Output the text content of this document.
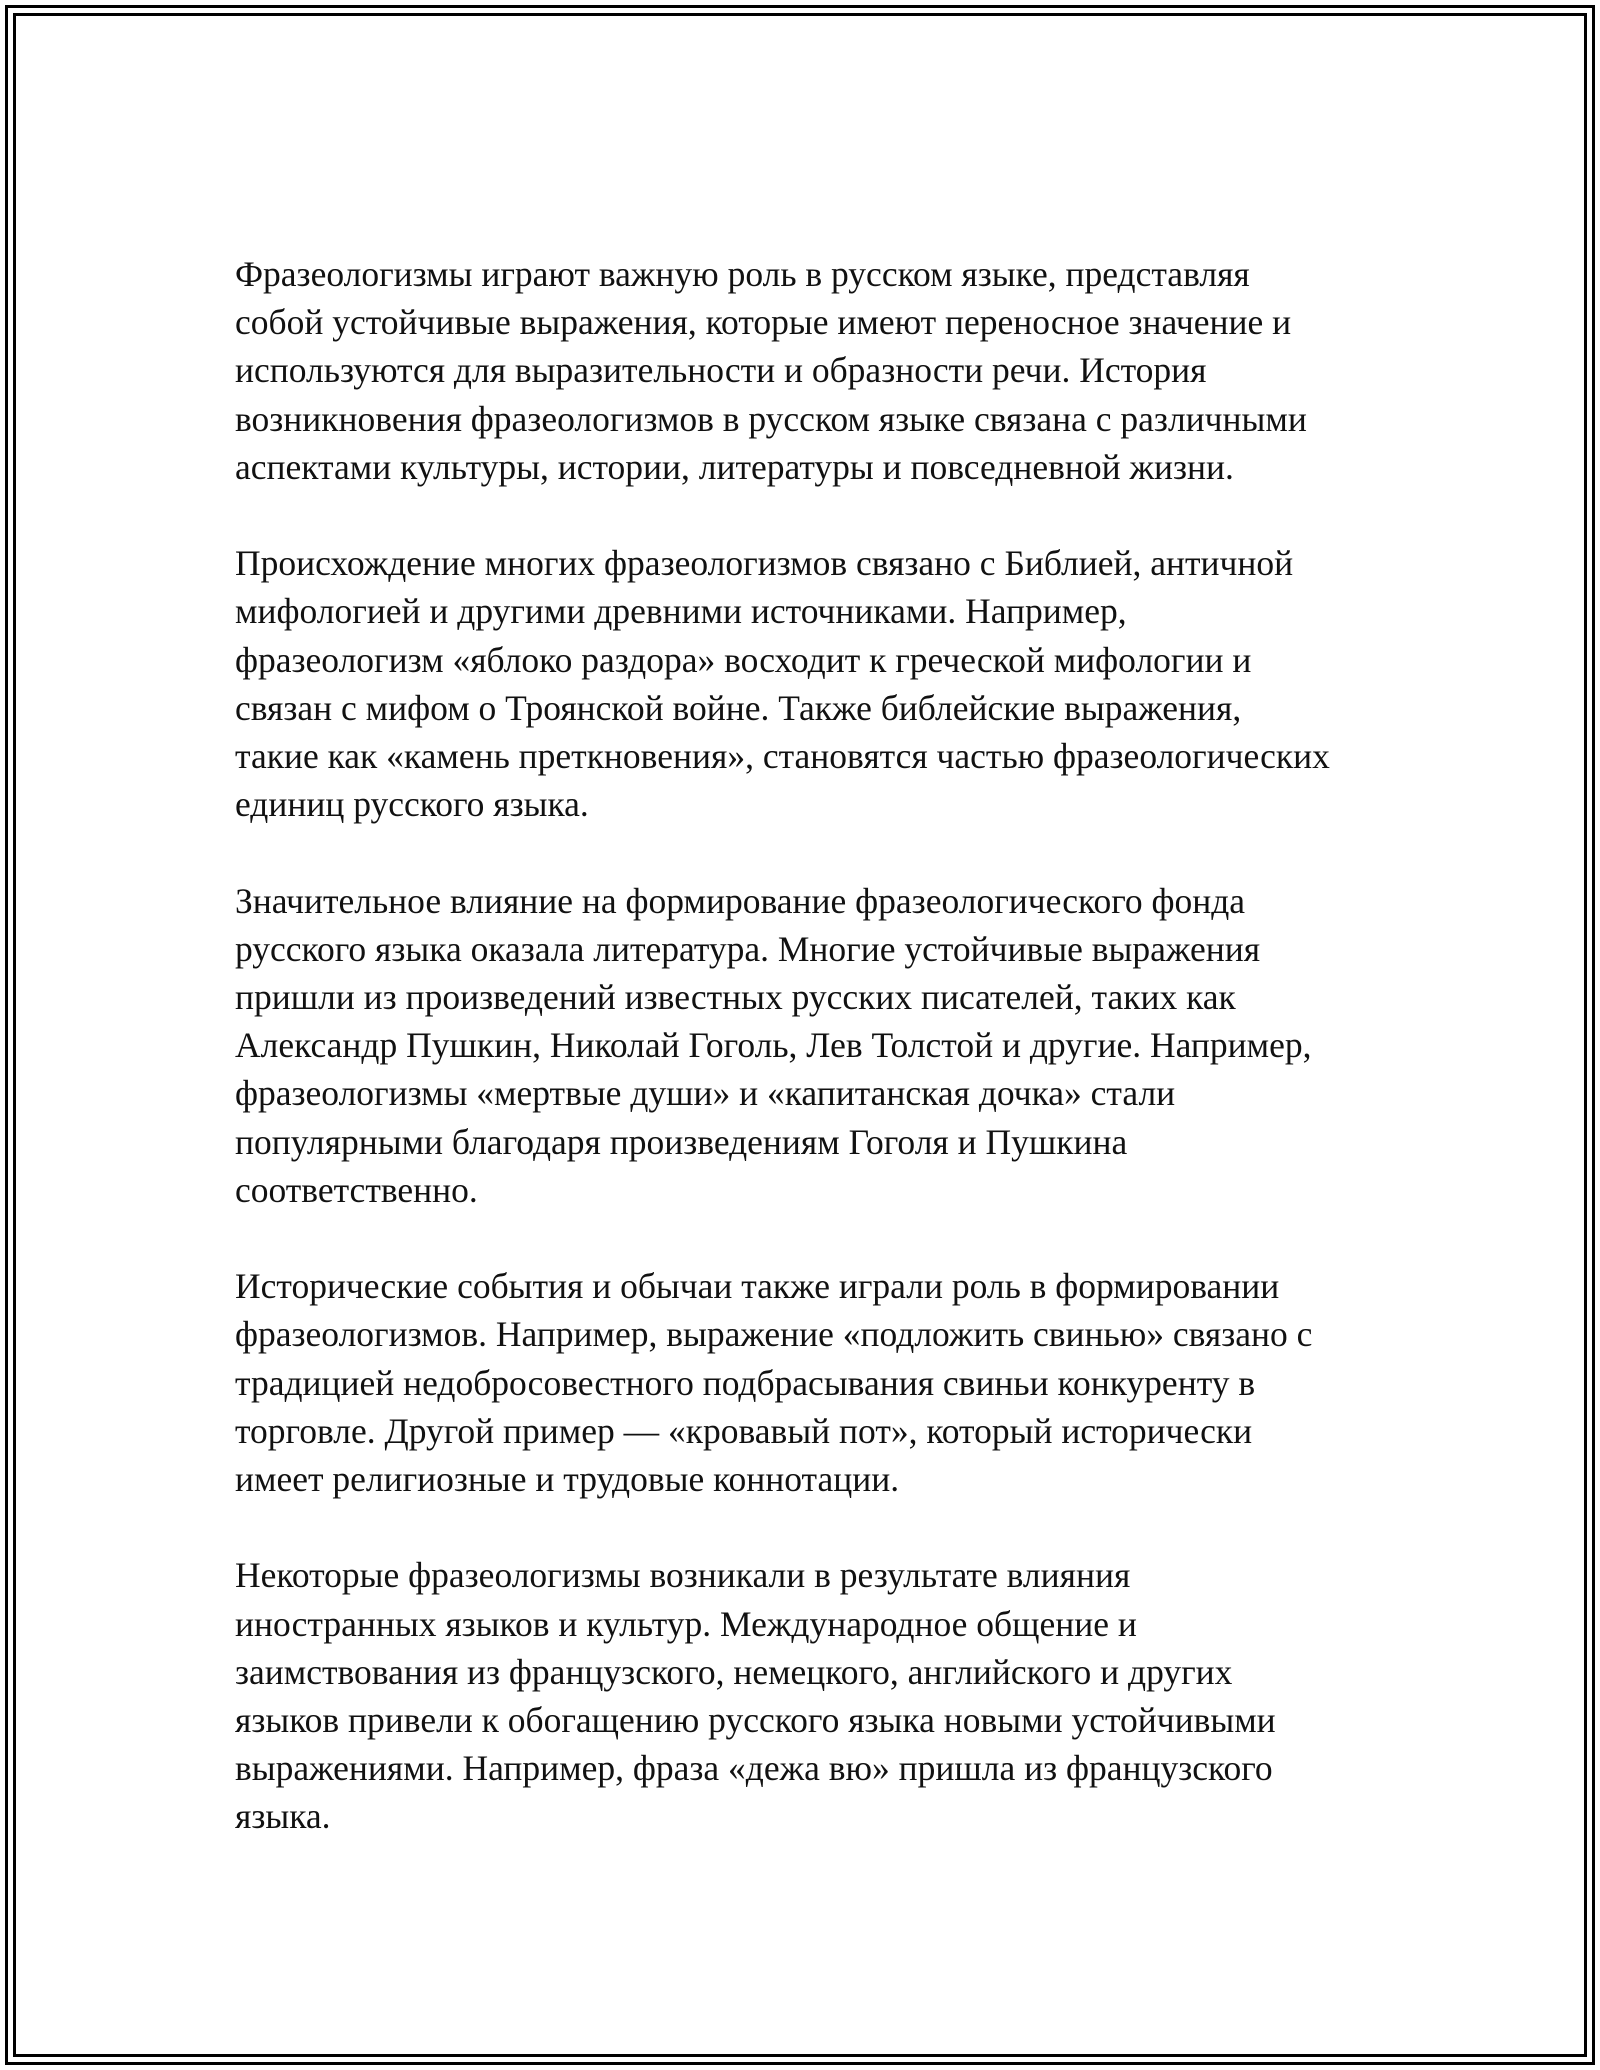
Фразеологизмы играют важную роль в русском языке, представляя
собой устойчивые выражения, которые имеют переносное значение и
используются для выразительности и образности речи. История
возникновения фразеологизмов в русском языке связана с различными
аспектами культуры, истории, литературы и повседневной жизни.

Происхождение многих фразеологизмов связано с Библией, античной
мифологией и другими древними источниками. Например,
фразеологизм «яблоко раздора» восходит к греческой мифологии и
связан с мифом о Троянской войне. Также библейские выражения,
такие как «камень преткновения», становятся частью фразеологических
единиц русского языка.

Значительное влияние на формирование фразеологического фонда
русского языка оказала литература. Многие устойчивые выражения
пришли из произведений известных русских писателей, таких как
Александр Пушкин, Николай Гоголь, Лев Толстой и другие. Например,
фразеологизмы «мертвые души» и «капитанская дочка» стали
популярными благодаря произведениям Гоголя и Пушкина
соответственно.

Исторические события и обычаи также играли роль в формировании
фразеологизмов. Например, выражение «подложить свинью» связано с
традицией недобросовестного подбрасывания свиньи конкуренту в
торговле. Другой пример — «кровавый пот», который исторически
имеет религиозные и трудовые коннотации.

Некоторые фразеологизмы возникали в результате влияния
иностранных языков и культур. Международное общение и
заимствования из французского, немецкого, английского и других
языков привели к обогащению русского языка новыми устойчивыми
выражениями. Например, фраза «дежа вю» пришла из французского
языка.
